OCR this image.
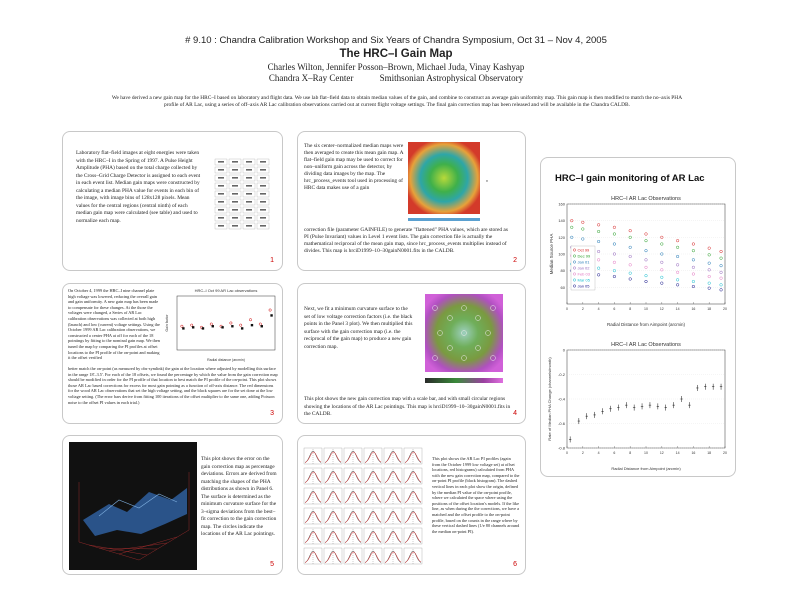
# 9.10 : Chandra Calibration Workshop and Six Years of Chandra Symposium, Oct 31 – Nov 4, 2005
The HRC–I Gain Map
Charles Wilton, Jennifer Posson–Brown, Michael Juda, Vinay Kashyap
Chandra X–Ray Center	Smithsonian Astrophysical Observatory
We have derived a new gain map for the HRC–I based on laboratory and flight data. We use lab flat–field data to obtain median values of the gain, and combine to construct an average gain uniformity map. This gain map is then modified to match the no–axis PHA profile of AR Lac, using a series of off–axis AR Lac calibration observations carried out at current flight voltage settings. The final gain correction map has been released and will be available in the Chandra CALDB.
Laboratory flat–field images at eight energies were taken with the HRC–I in the Spring of 1997. A Pulse Height Amplitude (PHA) based on the total charge collected by the Cross–Grid Charge Detector is assigned to each event in each event list. Median gain maps were constructed by calculating a median PHA value for events in each bin of the image, with image bins of 128x128 pixels. Mean values for the central regions (central ninth) of each median gain map were calculated (see table) and used to normalize each map.
1
The six center–normalized median maps were then averaged to create this mean gain map. A flat–field gain map may be used to correct for non–uniform gain across the detector, by dividing data images by the map. The hrc_process_events tool used in processing of HRC data makes use of a gain
correction file (parameter GAINFILE) to generate "flattened" PHA values, which are stored as PI (Pulse Invariant) values in Level 1 event lists. The gain correction file is actually the mathematical reciprocal of the mean gain map, since hrc_process_events multiplies instead of divides. This map is hrciD1999–10–30gainN0001.fits in the CALDB.
v
2
On October 4, 1999 the HRC–I nine channel plate high voltage was lowered, reducing the overall gain and gain uniformity. A new gain map has been made to compensate for these changes. At the those the voltages were changed, a Series of AR Lac calibration observations was collected at both high (launch) and low (current) voltage settings. Using the October 1999 AR Lac calibration observations, we constructed a center PHA at off for each of the 18 pointings by fitting to the nominal gain map. We then tuned the map by comparing the PI profiles at offset locations to the PI profile of the on-point and making it the offset verified
better match the on-point (as measured by obs-symlink) the gain at the location where adjusted by modelling this surface in the range 18'–3.5'. For each of the 18 offsets, we found the percentage by which the value from the gain correction map should be modified in order for the PI profile of that location to best match the PI profile of the on-point. This plot shows those AR Lac based corrections for excess for most gain pointing as a function of off-axis distance. The red dimensions for the wood AR Lac observations that set the high voltage setting, and the black squares are for the set done at the low voltage setting. (The error bars derive from fitting 100 iterations of the offset multiplier to the same one, adding Poisson noise to the offset PI values in each trial.)
HRC–I Oct 99 AR Lac observations
Radial distance (arcmin)
Gain factor
3
Next, we fit a minimum curvature surface to the set of low voltage correction factors (i.e. the black points in the Panel 3 plot). We then multiplied this surface with the gain correction map (i.e. the reciprocal of the gain map) to produce a new gain correction map.
This plot shows the new gain correction map with a scale bar, and with small circular regions showing the locations of the AR Lac pointings. This map is hrciD1999–10–30gainN0001.fits in the CALDB.	4
This plot shows the error on the gain correction map as percentage deviations. Errors are derived from matching the shapes of the PHA distributions as shown in Panel 6. The surface is determined as the minimum curvature surface for the 3–sigma deviations from the best–fit correction to the gain correction map. The circles indicate the locations of the AR Lac pointings.
5
This plot shows the AR Lac PI profiles (again from the October 1999 low voltage set) at offset locations, red histograms) calculated from PHA with the new gain correction map, compared to the on-point PI profile (black histogram). The dashed vertical lines in each plot show the origin, defined by the median PI value of the on-point profile, where we calculated the space where using the positions of the offset location's models. If the like line, as when during the the corrections, we have a matched and the offset profile to the on-point profile, based on the counts in the range where by these vertical dashed lines (1/e 80 channels around the median on-point PI).
6
HRC–I gain monitoring of AR Lac
HRC–I AR Lac Observations
60
80
100
120
140
160
0	2	4	6	8	10	12	14	16	18	20
Radial Distance from Aimpoint (arcmin)
Median Source PHA	Oct 99
Dec 99
Jan 01
Jan 02
Feb 03
Mar 05
Jan 05
HRC–I AR Lac Observations
-0.8
-0.6
-0.4
-0.2
0
0	2	4	6	8	10	12	14	16	18	20
Radial Distance from Aimpoint (arcmin)
Rate of Median PHA Change (channels/month)
